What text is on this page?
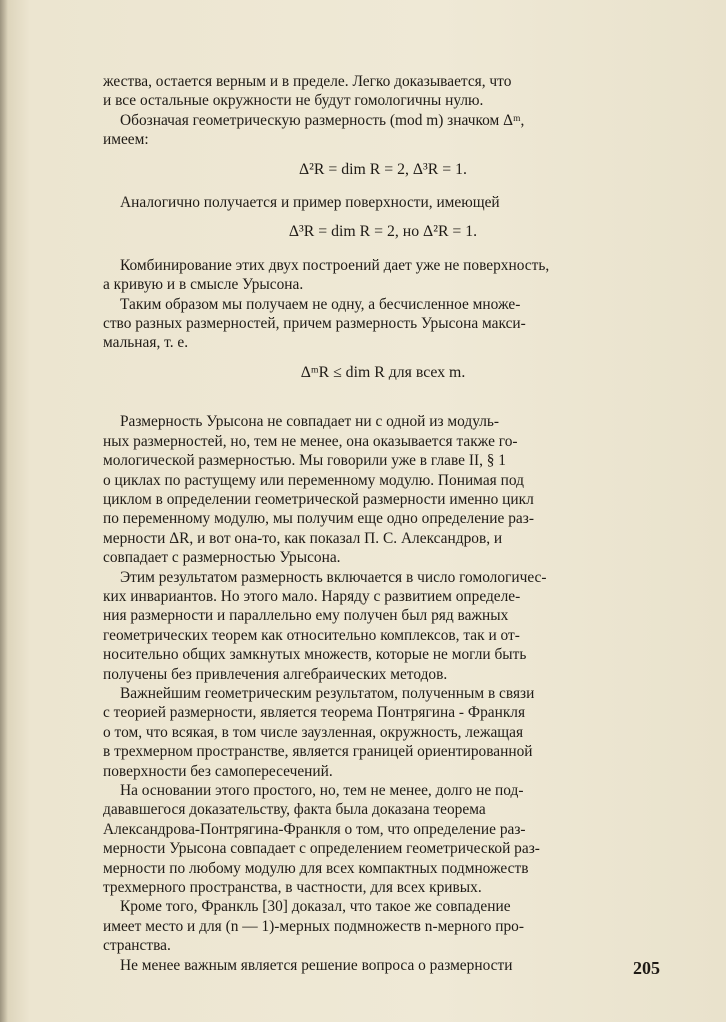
жества, остается верным и в пределе. Легко доказывается, что
и все остальные окружности не будут гомологичны нулю.
Обозначая геометрическую размерность (mod m) значком Δᵐ,
имеем:
Δ²R = dim R = 2, Δ³R = 1.
Аналогично получается и пример поверхности, имеющей
Δ³R = dim R = 2, но Δ²R = 1.
Комбинирование этих двух построений дает уже не поверхность,
а кривую и в смысле Урысона.
Таким образом мы получаем не одну, а бесчисленное множе-
ство разных размерностей, причем размерность Урысона макси-
мальная, т. е.
ΔᵐR ≤ dim R для всех m.
Размерность Урысона не совпадает ни с одной из модуль-
ных размерностей, но, тем не менее, она оказывается также го-
мологической размерностью. Мы говорили уже в главе II, § 1
о циклах по растущему или переменному модулю. Понимая под
циклом в определении геометрической размерности именно цикл
по переменному модулю, мы получим еще одно определение раз-
мерности ΔR, и вот она-то, как показал П. С. Александров, и
совпадает с размерностью Урысона.
Этим результатом размерность включается в число гомологичес-
ких инвариантов. Но этого мало. Наряду с развитием определе-
ния размерности и параллельно ему получен был ряд важных
геометрических теорем как относительно комплексов, так и от-
носительно общих замкнутых множеств, которые не могли быть
получены без привлечения алгебраических методов.
Важнейшим геометрическим результатом, полученным в связи
с теорией размерности, является теорема Понтрягина - Франкля
о том, что всякая, в том числе заузленная, окружность, лежащая
в трехмерном пространстве, является границей ориентированной
поверхности без самопересечений.
На основании этого простого, но, тем не менее, долго не под-
дававшегося доказательству, факта была доказана теорема
Александрова-Понтрягина-Франкля о том, что определение раз-
мерности Урысона совпадает с определением геометрической раз-
мерности по любому модулю для всех компактных подмножеств
трехмерного пространства, в частности, для всех кривых.
Кроме того, Франкль [30] доказал, что такое же совпадение
имеет место и для (n — 1)-мерных подмножеств n-мерного про-
странства.
Не менее важным является решение вопроса о размерности	205
